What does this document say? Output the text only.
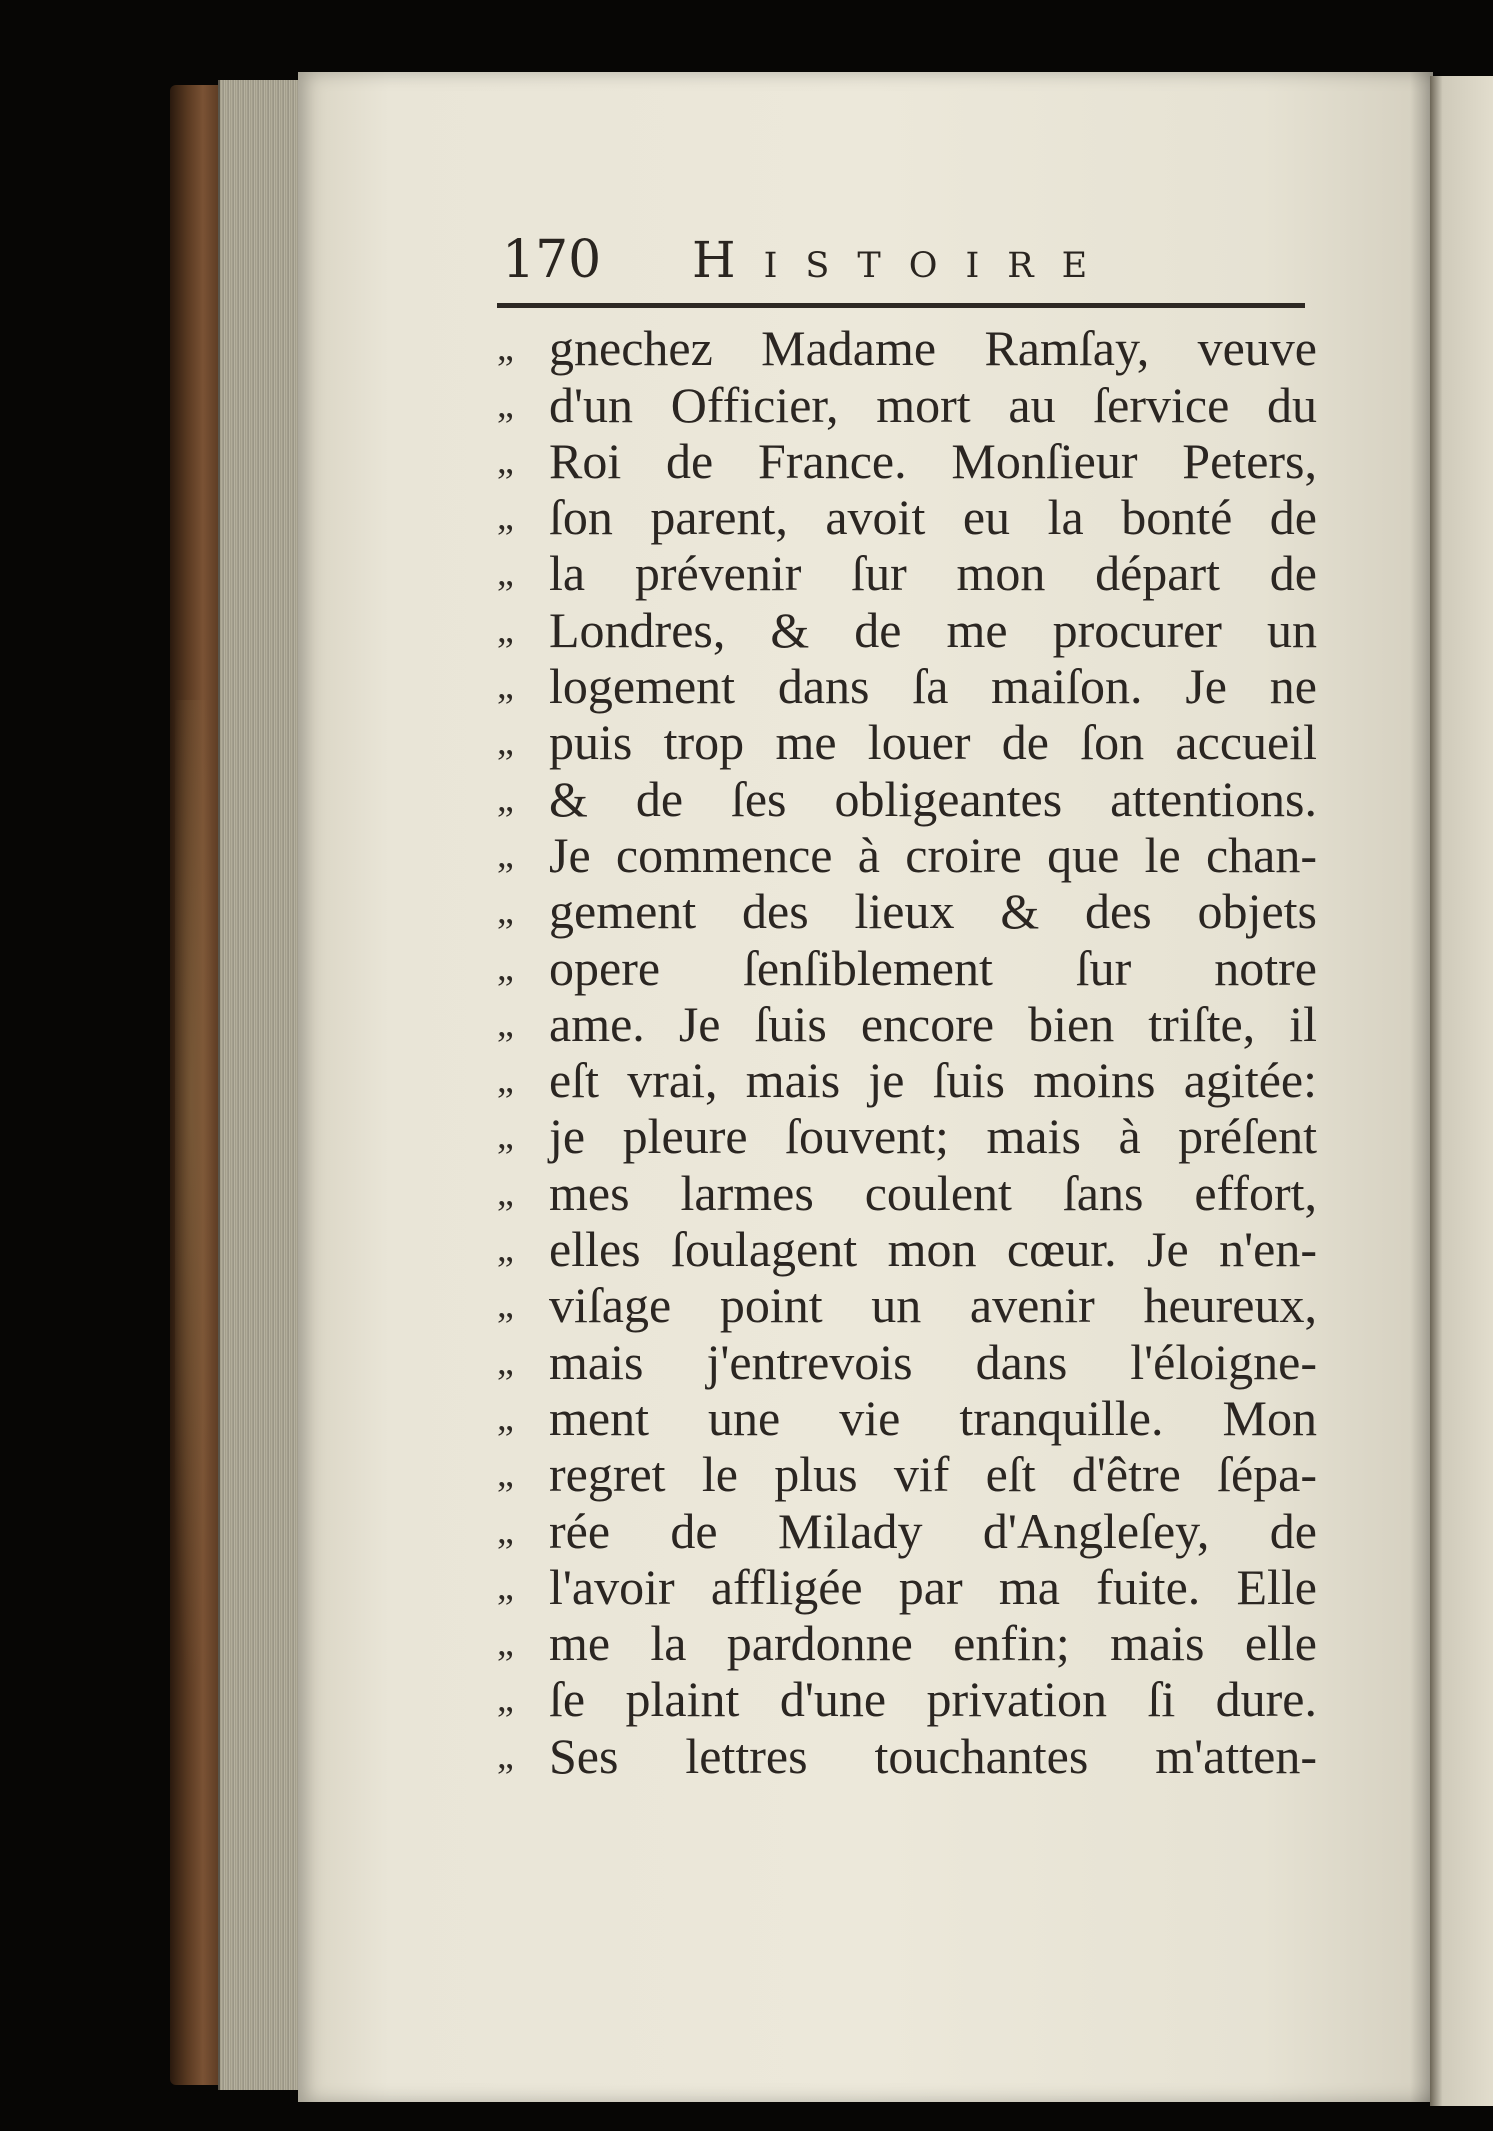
170 Histoire
„ gnechez Madame Ramſay, veuve
„ d'un Officier, mort au ſervice du
„ Roi de France. Monſieur Peters,
„ ſon parent, avoit eu la bonté de
„ la prévenir ſur mon départ de
„ Londres, & de me procurer un
„ logement dans ſa maiſon. Je ne
„ puis trop me louer de ſon accueil
„ & de ſes obligeantes attentions.
„ Je commence à croire que le chan-
„ gement des lieux & des objets
„ opere ſenſiblement ſur notre
„ ame. Je ſuis encore bien triſte, il
„ eſt vrai, mais je ſuis moins agitée:
„ je pleure ſouvent; mais à préſent
„ mes larmes coulent ſans effort,
„ elles ſoulagent mon cœur. Je n'en-
„ viſage point un avenir heureux,
„ mais j'entrevois dans l'éloigne-
„ ment une vie tranquille. Mon
„ regret le plus vif eſt d'être ſépa-
„ rée de Milady d'Angleſey, de
„ l'avoir affligée par ma fuite. Elle
„ me la pardonne enfin; mais elle
„ ſe plaint d'une privation ſi dure.
„ Ses lettres touchantes m'atten-
